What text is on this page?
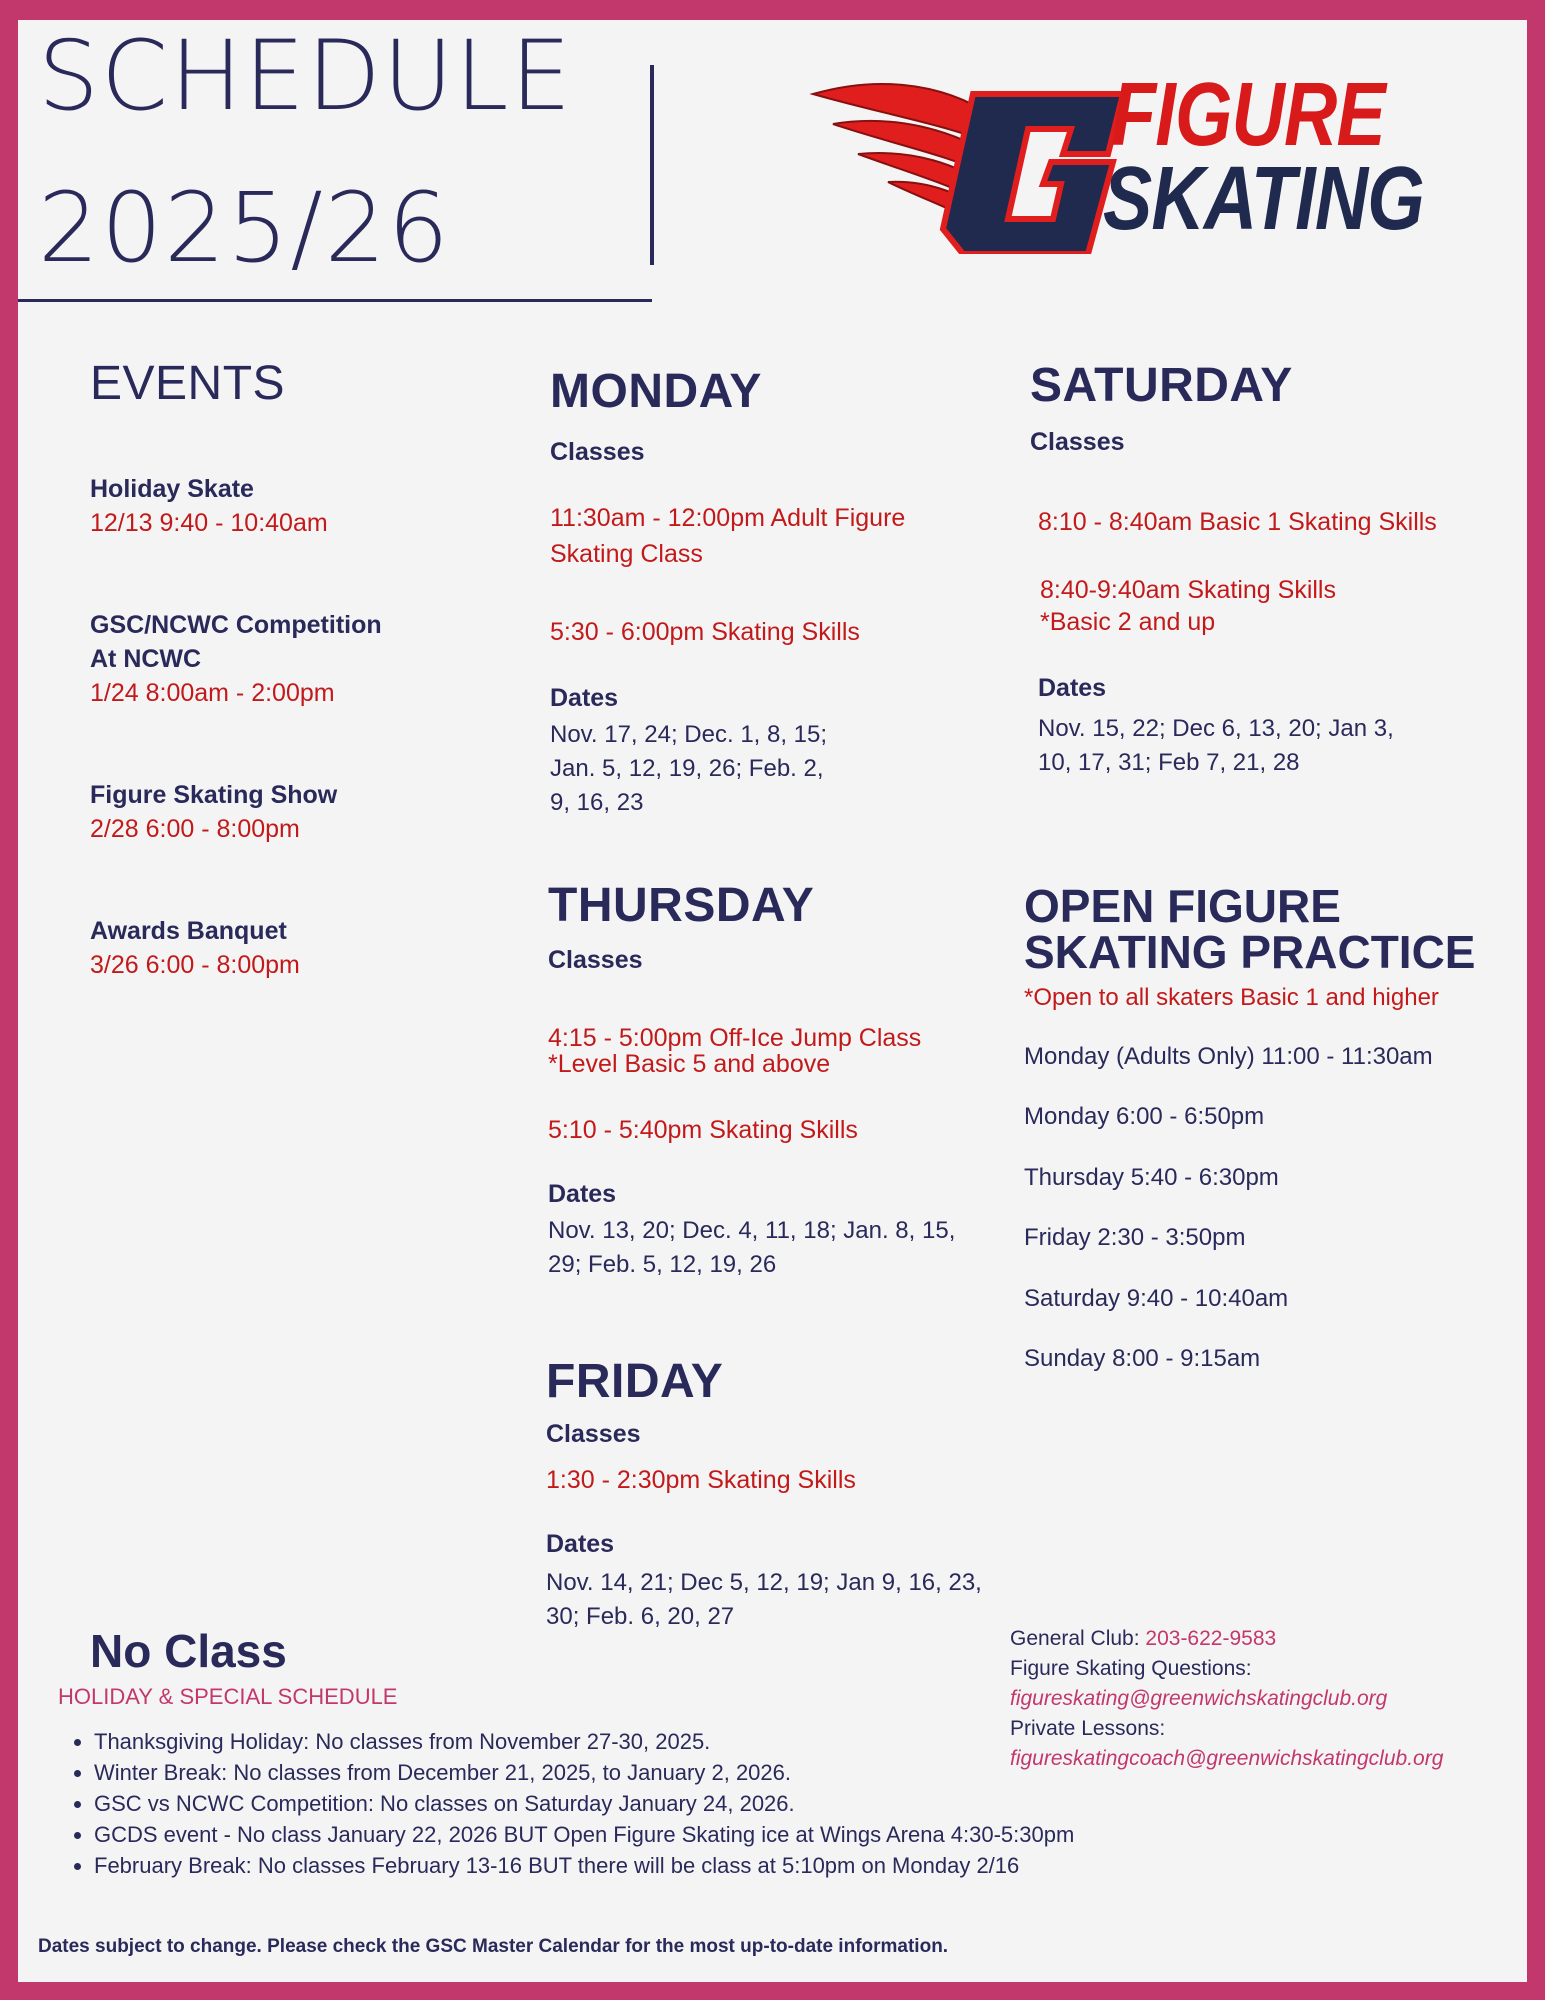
SCHEDULE
2025/26
FIGURE
SKATING
EVENTS
Holiday Skate
12/13 9:40 - 10:40am
GSC/NCWC Competition
At NCWC
1/24 8:00am - 2:00pm
Figure Skating Show
2/28 6:00 - 8:00pm
Awards Banquet
3/26 6:00 - 8:00pm
MONDAY
Classes
11:30am - 12:00pm Adult Figure
Skating Class
5:30 - 6:00pm Skating Skills
Dates
Nov. 17, 24; Dec. 1, 8, 15;
Jan. 5, 12, 19, 26; Feb. 2,
9, 16, 23
SATURDAY
Classes
8:10 - 8:40am Basic 1 Skating Skills
8:40-9:40am Skating Skills
*Basic 2 and up
Dates
Nov. 15, 22; Dec 6, 13, 20; Jan 3,
10, 17, 31; Feb 7, 21, 28
THURSDAY
Classes
4:15 - 5:00pm Off-Ice Jump Class
*Level Basic 5 and above
5:10 - 5:40pm Skating Skills
Dates
Nov. 13, 20; Dec. 4, 11, 18; Jan. 8, 15,
29; Feb. 5, 12, 19, 26
FRIDAY
Classes
1:30 - 2:30pm Skating Skills
Dates
Nov. 14, 21; Dec 5, 12, 19; Jan 9, 16, 23,
30; Feb. 6, 20, 27
OPEN FIGURE
SKATING PRACTICE
*Open to all skaters Basic 1 and higher
Monday (Adults Only) 11:00 - 11:30am
Monday 6:00 - 6:50pm
Thursday 5:40 - 6:30pm
Friday 2:30 - 3:50pm
Saturday 9:40 - 10:40am
Sunday 8:00 - 9:15am
No Class
HOLIDAY & SPECIAL SCHEDULE
• Thanksgiving Holiday: No classes from November 27-30, 2025.
• Winter Break: No classes from December 21, 2025, to January 2, 2026.
• GSC vs NCWC Competition: No classes on Saturday January 24, 2026.
• GCDS event - No class January 22, 2026 BUT Open Figure Skating ice at Wings Arena 4:30-5:30pm
• February Break: No classes February 13-16 BUT there will be class at 5:10pm on Monday 2/16
General Club: 203-622-9583
Figure Skating Questions:
figureskating@greenwichskatingclub.org
Private Lessons:
figureskatingcoach@greenwichskatingclub.org
Dates subject to change. Please check the GSC Master Calendar for the most up-to-date information.
